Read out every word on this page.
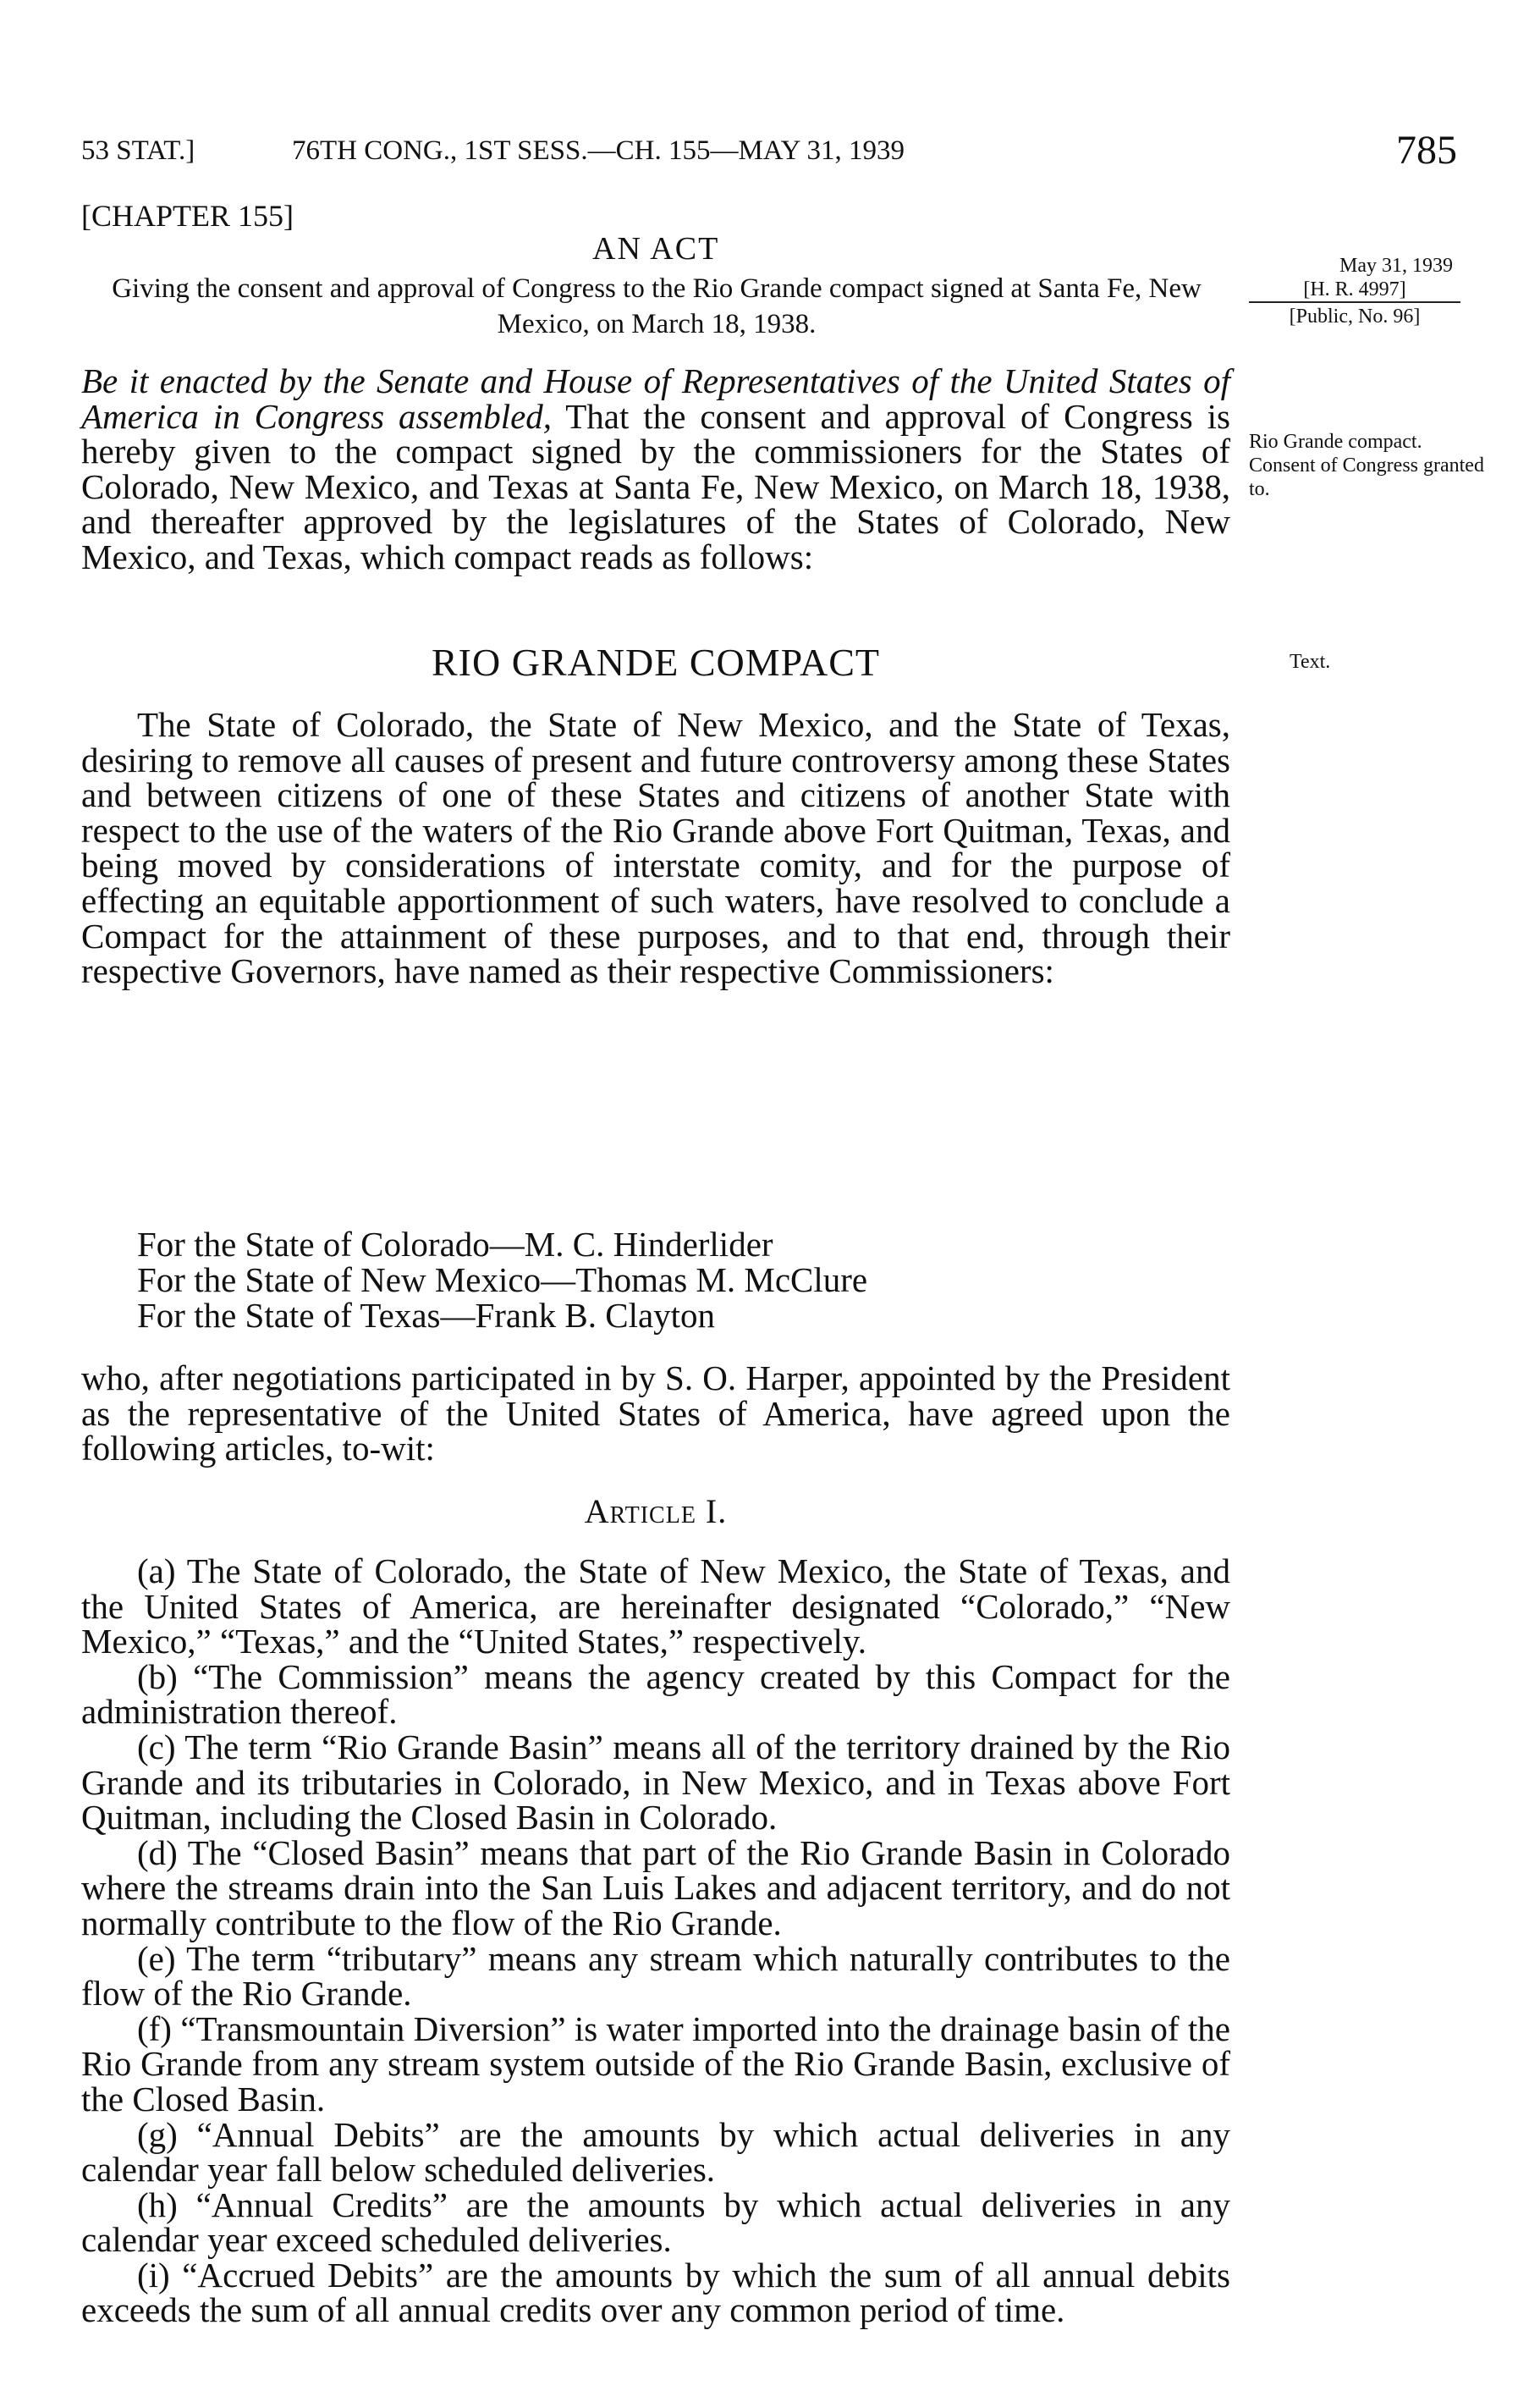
53 STAT.]	76TH CONG., 1ST SESS.—CH. 155—MAY 31, 1939	785
[CHAPTER 155]
AN ACT
Giving the consent and approval of Congress to the Rio Grande compact signed at Santa Fe, New Mexico, on March 18, 1938.
May 31, 1939
[H. R. 4997]
[Public, No. 96]
Rio Grande compact.
Consent of Congress granted to.
Text.
Be it enacted by the Senate and House of Representatives of the United States of America in Congress assembled, That the consent and approval of Congress is hereby given to the compact signed by the commissioners for the States of Colorado, New Mexico, and Texas at Santa Fe, New Mexico, on March 18, 1938, and thereafter approved by the legislatures of the States of Colorado, New Mexico, and Texas, which compact reads as follows:
RIO GRANDE COMPACT
The State of Colorado, the State of New Mexico, and the State of Texas, desiring to remove all causes of present and future controversy among these States and between citizens of one of these States and citizens of another State with respect to the use of the waters of the Rio Grande above Fort Quitman, Texas, and being moved by considerations of interstate comity, and for the purpose of effecting an equitable apportionment of such waters, have resolved to conclude a Compact for the attainment of these purposes, and to that end, through their respective Governors, have named as their respective Commissioners:
For the State of Colorado—M. C. Hinderlider
For the State of New Mexico—Thomas M. McClure
For the State of Texas—Frank B. Clayton
who, after negotiations participated in by S. O. Harper, appointed by the President as the representative of the United States of America, have agreed upon the following articles, to-wit:
Article I.

(a) The State of Colorado, the State of New Mexico, the State of Texas, and the United States of America, are hereinafter designated “Colorado,” “New Mexico,” “Texas,” and the “United States,” respectively.

(b) “The Commission” means the agency created by this Compact for the administration thereof.

(c) The term “Rio Grande Basin” means all of the territory drained by the Rio Grande and its tributaries in Colorado, in New Mexico, and in Texas above Fort Quitman, including the Closed Basin in Colorado.

(d) The “Closed Basin” means that part of the Rio Grande Basin in Colorado where the streams drain into the San Luis Lakes and adjacent territory, and do not normally contribute to the flow of the Rio Grande.

(e) The term “tributary” means any stream which naturally contributes to the flow of the Rio Grande.

(f) “Transmountain Diversion” is water imported into the drainage basin of the Rio Grande from any stream system outside of the Rio Grande Basin, exclusive of the Closed Basin.

(g) “Annual Debits” are the amounts by which actual deliveries in any calendar year fall below scheduled deliveries.

(h) “Annual Credits” are the amounts by which actual deliveries in any calendar year exceed scheduled deliveries.

(i) “Accrued Debits” are the amounts by which the sum of all annual debits exceeds the sum of all annual credits over any common period of time.
